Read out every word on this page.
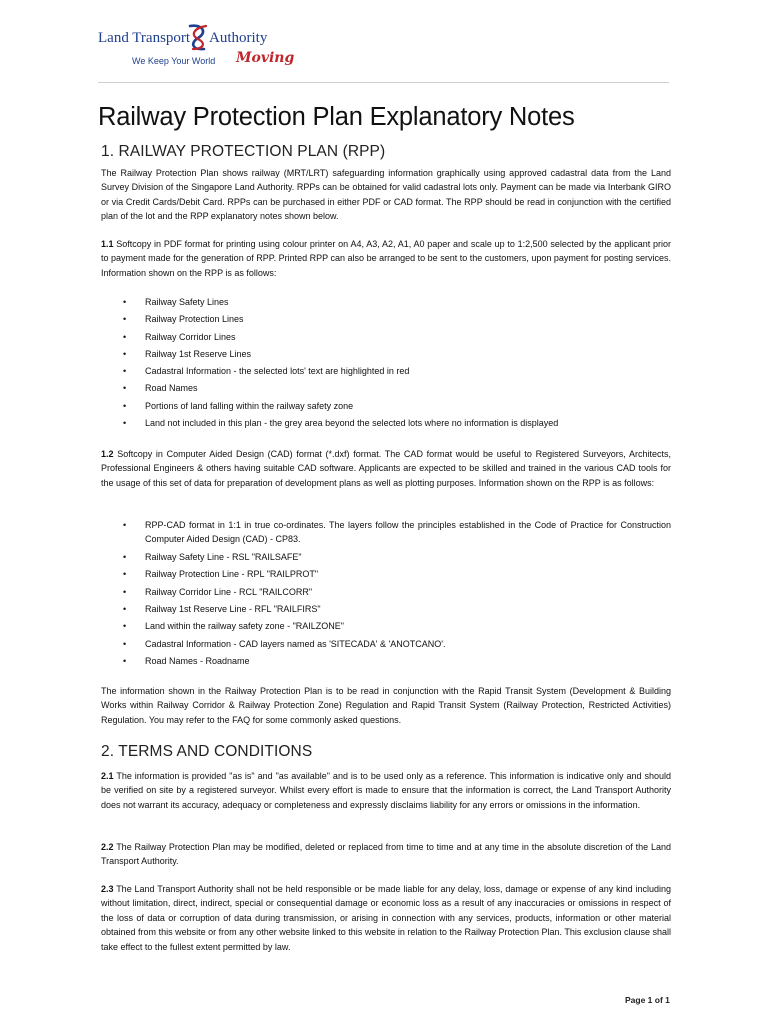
Land Transport Authority
We Keep Your World Moving
Railway Protection Plan Explanatory Notes
1. RAILWAY PROTECTION PLAN (RPP)
The Railway Protection Plan shows railway (MRT/LRT) safeguarding information graphically using approved cadastral data from the Land Survey Division of the Singapore Land Authority. RPPs can be obtained for valid cadastral lots only. Payment can be made via Interbank GIRO or via Credit Cards/Debit Card. RPPs can be purchased in either PDF or CAD format. The RPP should be read in conjunction with the certified plan of the lot and the RPP explanatory notes shown below.
1.1 Softcopy in PDF format for printing using colour printer on A4, A3, A2, A1, A0 paper and scale up to 1:2,500 selected by the applicant prior to payment made for the generation of RPP. Printed RPP can also be arranged to be sent to the customers, upon payment for posting services. Information shown on the RPP is as follows:
• Railway Safety Lines
• Railway Protection Lines
• Railway Corridor Lines
• Railway 1st Reserve Lines
• Cadastral Information - the selected lots' text are highlighted in red
• Road Names
• Portions of land falling within the railway safety zone
• Land not included in this plan - the grey area beyond the selected lots where no information is displayed
1.2 Softcopy in Computer Aided Design (CAD) format (*.dxf) format. The CAD format would be useful to Registered Surveyors, Architects, Professional Engineers & others having suitable CAD software. Applicants are expected to be skilled and trained in the various CAD tools for the usage of this set of data for preparation of development plans as well as plotting purposes. Information shown on the RPP is as follows:
• RPP-CAD format in 1:1 in true co-ordinates. The layers follow the principles established in the Code of Practice for Construction Computer Aided Design (CAD) - CP83.
• Railway Safety Line - RSL "RAILSAFE"
• Railway Protection Line - RPL "RAILPROT"
• Railway Corridor Line - RCL "RAILCORR"
• Railway 1st Reserve Line - RFL "RAILFIRS"
• Land within the railway safety zone - "RAILZONE"
• Cadastral Information - CAD layers named as 'SITECADA' & 'ANOTCANO'.
• Road Names - Roadname
The information shown in the Railway Protection Plan is to be read in conjunction with the Rapid Transit System (Development & Building Works within Railway Corridor & Railway Protection Zone) Regulation and Rapid Transit System (Railway Protection, Restricted Activities) Regulation. You may refer to the FAQ for some commonly asked questions.
2. TERMS AND CONDITIONS
2.1 The information is provided "as is" and "as available" and is to be used only as a reference. This information is indicative only and should be verified on site by a registered surveyor. Whilst every effort is made to ensure that the information is correct, the Land Transport Authority does not warrant its accuracy, adequacy or completeness and expressly disclaims liability for any errors or omissions in the information.
2.2 The Railway Protection Plan may be modified, deleted or replaced from time to time and at any time in the absolute discretion of the Land Transport Authority.
2.3 The Land Transport Authority shall not be held responsible or be made liable for any delay, loss, damage or expense of any kind including without limitation, direct, indirect, special or consequential damage or economic loss as a result of any inaccuracies or omissions in respect of the loss of data or corruption of data during transmission, or arising in connection with any services, products, information or other material obtained from this website or from any other website linked to this website in relation to the Railway Protection Plan. This exclusion clause shall take effect to the fullest extent permitted by law.
Page 1 of 1
